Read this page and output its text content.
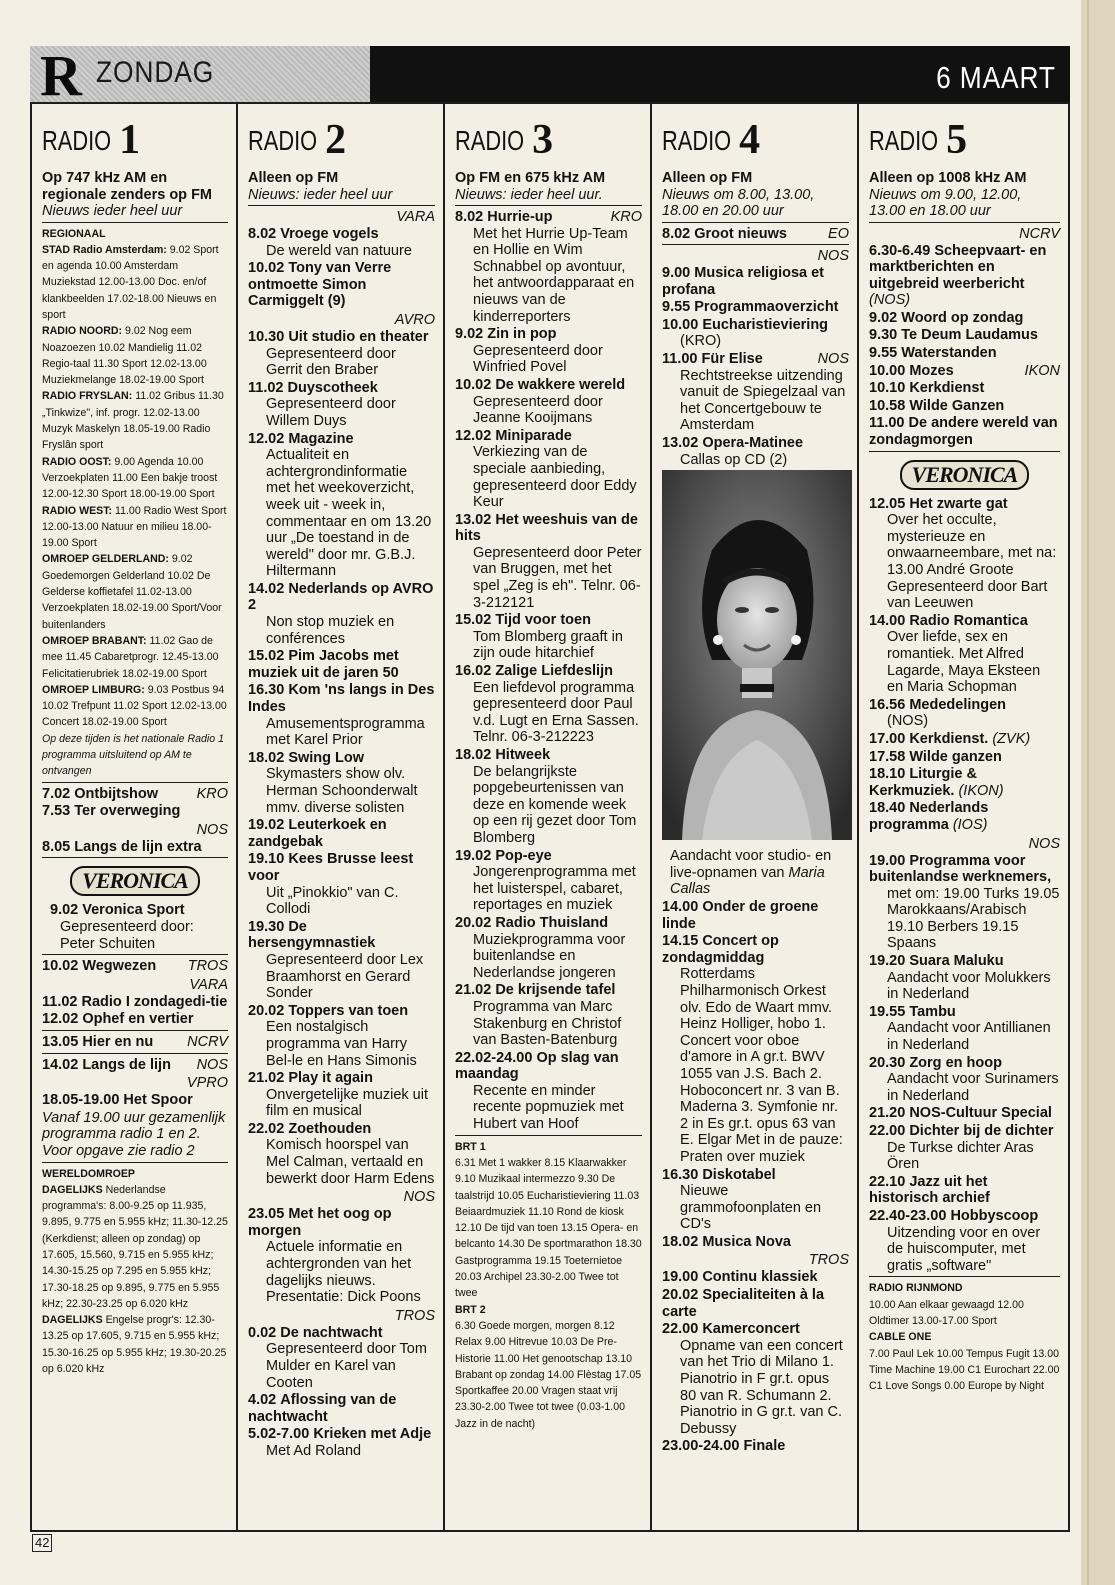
R ZONDAG	6 MAART
RADIO 1
Op 747 kHz AM en regionale zenders op FM
Nieuws ieder heel uur
REGIONAAL
STAD Radio Amsterdam: 9.02 Sport en agenda 10.00 Amsterdam Muziekstad 12.00-13.00 Doc. en/of klankbeelden 17.02-18.00 Nieuws en sport
RADIO NOORD: 9.02 Nog eem Noazoezen 10.02 Mandielig 11.02 Regio-taal 11.30 Sport 12.02-13.00 Muziekmelange 18.02-19.00 Sport
RADIO FRYSLAN: 11.02 Gribus 11.30 „Tinkwize", inf. progr. 12.02-13.00 Muzyk Maskelyn 18.05-19.00 Radio Fryslân sport
RADIO OOST: 9.00 Agenda 10.00 Verzoekplaten 11.00 Een bakje troost 12.00-12.30 Sport 18.00-19.00 Sport
RADIO WEST: 11.00 Radio West Sport 12.00-13.00 Natuur en milieu 18.00-19.00 Sport
OMROEP GELDERLAND: 9.02 Goedemorgen Gelderland 10.02 De Gelderse koffietafel 11.02-13.00 Verzoekplaten 18.02-19.00 Sport/Voor buitenlanders
OMROEP BRABANT: 11.02 Gao de mee 11.45 Cabaretprogr. 12.45-13.00 Felicitatierubriek 18.02-19.00 Sport
OMROEP LIMBURG: 9.03 Postbus 94 10.02 Trefpunt 11.02 Sport 12.02-13.00 Concert 18.02-19.00 Sport
Op deze tijden is het nationale Radio 1 programma uitsluitend op AM te ontvangen
7.02 Ontbijtshow	KRO
7.53 Ter overweging
NOS
8.05 Langs de lijn extra
VERONICA
9.02 Veronica Sport
Gepresenteerd door: Peter Schuiten
10.02 Wegwezen TROS
VARA
11.02 Radio I zondagedi-tie
12.02 Ophef en vertier
13.05 Hier en nu NCRV
14.02 Langs de lijn NOS
VPRO
18.05-19.00 Het Spoor
Vanaf 19.00 uur gezamenlijk programma radio 1 en 2. Voor opgave zie radio 2
WERELDOMROEP
DAGELIJKS Nederlandse programma's: 8.00-9.25 op 11.935, 9.895, 9.775 en 5.955 kHz; 11.30-12.25 (Kerkdienst; alleen op zondag) op 17.605, 15.560, 9.715 en 5.955 kHz; 14.30-15.25 op 7.295 en 5.955 kHz; 17.30-18.25 op 9.895, 9.775 en 5.955 kHz; 22.30-23.25 op 6.020 kHz
DAGELIJKS Engelse progr's: 12.30-13.25 op 17.605, 9.715 en 5.955 kHz; 15.30-16.25 op 5.955 kHz; 19.30-20.25 op 6.020 kHz
RADIO 2
Alleen op FM
Nieuws: ieder heel uur
VARA
8.02 Vroege vogels
De wereld van natuure
10.02 Tony van Verre ontmoette Simon Carmiggelt (9)
AVRO
10.30 Uit studio en theater
Gepresenteerd door Gerrit den Braber
11.02 Duyscotheek
Gepresenteerd door Willem Duys
12.02 Magazine
Actualiteit en achtergrondinformatie met het weekoverzicht, week uit - week in, commentaar en om 13.20 uur „De toestand in de wereld" door mr. G.B.J. Hiltermann
14.02 Nederlands op AVRO 2
Non stop muziek en conférences
15.02 Pim Jacobs met muziek uit de jaren 50
16.30 Kom 'ns langs in Des Indes
Amusementsprogramma met Karel Prior
18.02 Swing Low
Skymasters show olv. Herman Schoonderwalt mmv. diverse solisten
19.02 Leuterkoek en zandgebak
19.10 Kees Brusse leest voor
Uit „Pinokkio" van C. Collodi
19.30 De hersengymnastiek
Gepresenteerd door Lex Braamhorst en Gerard Sonder
20.02 Toppers van toen
Een nostalgisch programma van Harry Bel-le en Hans Simonis
21.02 Play it again
Onvergetelijke muziek uit film en musical
22.02 Zoethouden
Komisch hoorspel van Mel Calman, vertaald en bewerkt door Harm Edens
NOS
23.05 Met het oog op morgen
Actuele informatie en achtergronden van het dagelijks nieuws. Presentatie: Dick Poons
TROS
0.02 De nachtwacht
Gepresenteerd door Tom Mulder en Karel van Cooten
4.02 Aflossing van de nachtwacht
5.02-7.00 Krieken met Adje
Met Ad Roland
RADIO 3
Op FM en 675 kHz AM
Nieuws: ieder heel uur.
8.02 Hurrie-up	KRO
Met het Hurrie Up-Team en Hollie en Wim Schnabbel op avontuur, het antwoordapparaat en nieuws van de kinderreporters
9.02 Zin in pop
Gepresenteerd door Winfried Povel
10.02 De wakkere wereld
Gepresenteerd door Jeanne Kooijmans
12.02 Miniparade
Verkiezing van de speciale aanbieding, gepresenteerd door Eddy Keur
13.02 Het weeshuis van de hits
Gepresenteerd door Peter van Bruggen, met het spel „Zeg is eh". Telnr. 06-3-212121
15.02 Tijd voor toen
Tom Blomberg graaft in zijn oude hitarchief
16.02 Zalige Liefdeslijn
Een liefdevol programma gepresenteerd door Paul v.d. Lugt en Erna Sassen. Telnr. 06-3-212223
18.02 Hitweek
De belangrijkste popgebeurtenissen van deze en komende week op een rij gezet door Tom Blomberg
19.02 Pop-eye
Jongerenprogramma met het luisterspel, cabaret, reportages en muziek
20.02 Radio Thuisland
Muziekprogramma voor buitenlandse en Nederlandse jongeren
21.02 De krijsende tafel
Programma van Marc Stakenburg en Christof van Basten-Batenburg
22.02-24.00 Op slag van maandag
Recente en minder recente popmuziek met Hubert van Hoof
BRT 1
6.31 Met 1 wakker 8.15 Klaarwakker 9.10 Muzikaal intermezzo 9.30 De taalstrijd 10.05 Eucharistieviering 11.03 Beiaardmuziek 11.10 Rond de kiosk 12.10 De tijd van toen 13.15 Opera- en belcanto 14.30 De sportmarathon 18.30 Gastprogramma 19.15 Toeternietoe 20.03 Archipel 23.30-2.00 Twee tot twee
BRT 2
6.30 Goede morgen, morgen 8.12 Relax 9.00 Hitrevue 10.03 De Pre-Historie 11.00 Het genootschap 13.10 Brabant op zondag 14.00 Flèstag 17.05 Sportkaffee 20.00 Vragen staat vrij 23.30-2.00 Twee tot twee (0.03-1.00 Jazz in de nacht)
RADIO 4
Alleen op FM
Nieuws om 8.00, 13.00, 18.00 en 20.00 uur
8.02 Groot nieuws	EO
NOS
9.00 Musica religiosa et profana
9.55 Programmaoverzicht
10.00 Eucharistieviering
(KRO)
11.00 Für Elise	NOS
Rechtstreekse uitzending vanuit de Spiegelzaal van het Concertgebouw te Amsterdam
13.02 Opera-Matinee
Callas op CD (2)
Aandacht voor studio- en live-opnamen van Maria Callas
14.00 Onder de groene linde
14.15 Concert op zondagmiddag
Rotterdams Philharmonisch Orkest olv. Edo de Waart mmv. Heinz Holliger, hobo 1. Concert voor oboe d'amore in A gr.t. BWV 1055 van J.S. Bach 2. Hoboconcert nr. 3 van B. Maderna 3. Symfonie nr. 2 in Es gr.t. opus 63 van E. Elgar Met in de pauze: Praten over muziek
16.30 Diskotabel
Nieuwe grammofoonplaten en CD's
18.02 Musica Nova
TROS
19.00 Continu klassiek
20.02 Specialiteiten à la carte
22.00 Kamerconcert
Opname van een concert van het Trio di Milano 1. Pianotrio in F gr.t. opus 80 van R. Schumann 2. Pianotrio in G gr.t. van C. Debussy
23.00-24.00 Finale
RADIO 5
Alleen op 1008 kHz AM
Nieuws om 9.00, 12.00, 13.00 en 18.00 uur
NCRV
6.30-6.49 Scheepvaart- en marktberichten en uitgebreid weerbericht (NOS)
9.02 Woord op zondag
9.30 Te Deum Laudamus
9.55 Waterstanden
10.00 Mozes	IKON
10.10 Kerkdienst
10.58 Wilde Ganzen
11.00 De andere wereld van zondagmorgen
VERONICA
12.05 Het zwarte gat
Over het occulte, mysterieuze en onwaarneembare, met na: 13.00 André Groote Gepresenteerd door Bart van Leeuwen
14.00 Radio Romantica
Over liefde, sex en romantiek. Met Alfred Lagarde, Maya Eksteen en Maria Schopman
16.56 Mededelingen
(NOS)
17.00 Kerkdienst. (ZVK)
17.58 Wilde ganzen
18.10 Liturgie & Kerkmuziek. (IKON)
18.40 Nederlands programma (IOS)
NOS
19.00 Programma voor buitenlandse werknemers,
met om: 19.00 Turks 19.05 Marokkaans/Arabisch 19.10 Berbers 19.15 Spaans
19.20 Suara Maluku
Aandacht voor Molukkers in Nederland
19.55 Tambu
Aandacht voor Antillianen in Nederland
20.30 Zorg en hoop
Aandacht voor Surinamers in Nederland
21.20 NOS-Cultuur Special
22.00 Dichter bij de dichter
De Turkse dichter Aras Ören
22.10 Jazz uit het historisch archief
22.40-23.00 Hobbyscoop
Uitzending voor en over de huiscomputer, met gratis „software"
RADIO RIJNMOND
10.00 Aan elkaar gewaagd 12.00 Oldtimer 13.00-17.00 Sport
CABLE ONE
7.00 Paul Lek 10.00 Tempus Fugit 13.00 Time Machine 19.00 C1 Eurochart 22.00 C1 Love Songs 0.00 Europe by Night
42
